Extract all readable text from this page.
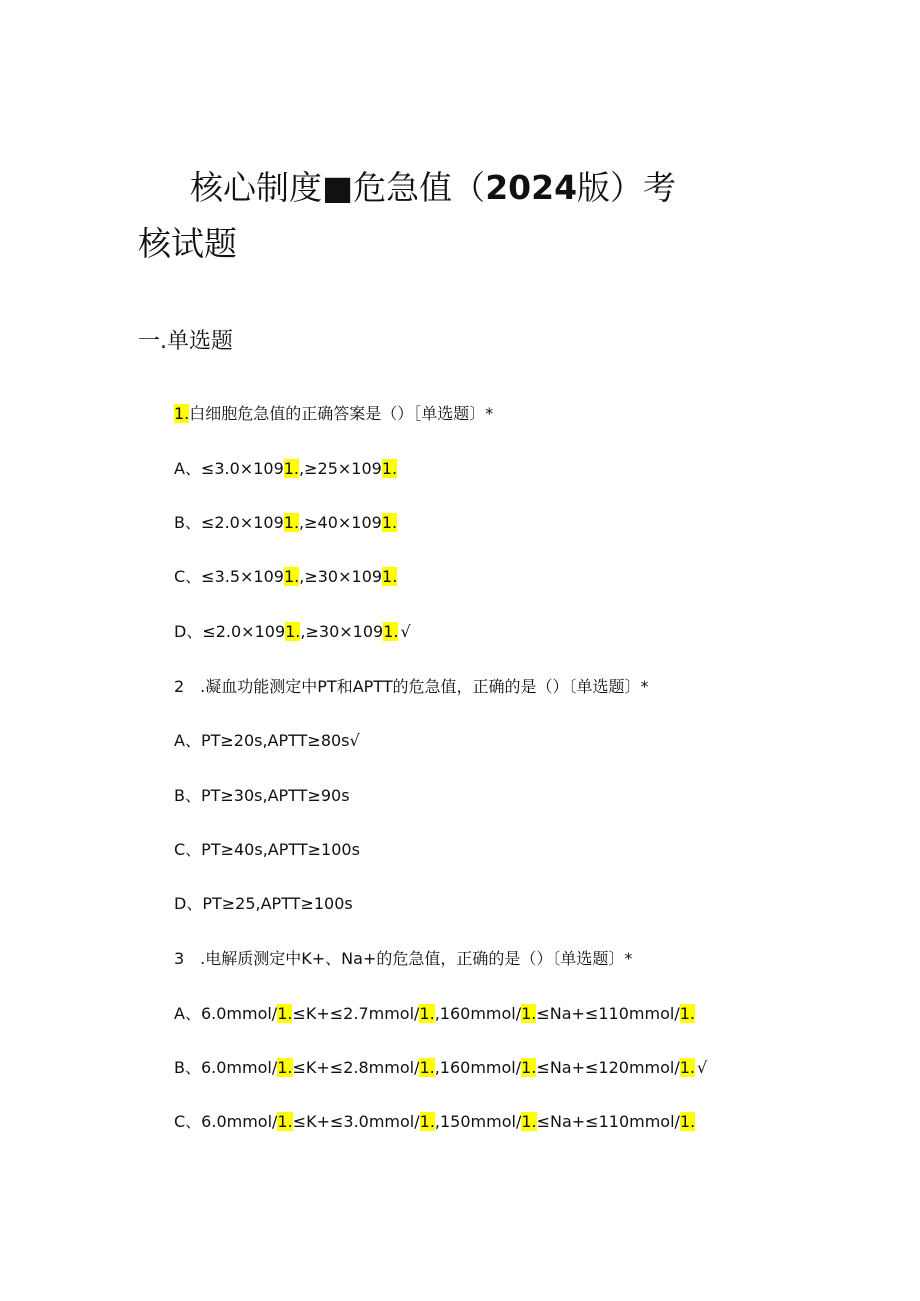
核心制度■危急值（2024版）考核试题
一.单选题

1.白细胞危急值的正确答案是（）［单选题〕*

A、≤3.0×1091.,≥25×1091.

B、≤2.0×1091.,≥40×1091.

C、≤3.5×1091.,≥30×1091.

D、≤2.0×1091.,≥30×1091. √

2　.凝血功能测定中PT和APTT的危急值，正确的是（）〔单选题〕*

A、PT≥20s,APTT≥80s√

B、PT≥30s,APTT≥90s

C、PT≥40s,APTT≥100s

D、PT≥25,APTT≥100s

3　.电解质测定中K+、Na+的危急值，正确的是（）〔单选题〕*

A、6.0mmol/1.≤K+≤2.7mmol/1.,160mmol/1.≤Na+≤110mmol/1.

B、6.0mmol/1.≤K+≤2.8mmol/1.,160mmol/1.≤Na+≤120mmol/1. √

C、6.0mmol/1.≤K+≤3.0mmol/1.,150mmol/1.≤Na+≤110mmol/1.
